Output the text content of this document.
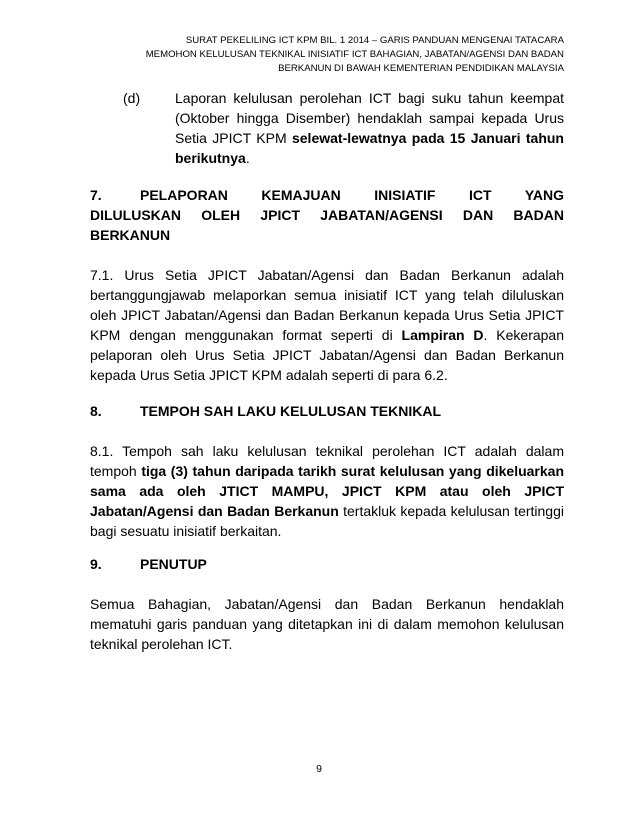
SURAT PEKELILING ICT KPM BIL. 1 2014 – GARIS PANDUAN MENGENAI TATACARA
MEMOHON KELULUSAN TEKNIKAL INISIATIF ICT BAHAGIAN, JABATAN/AGENSI DAN BADAN
BERKANUN DI BAWAH KEMENTERIAN PENDIDIKAN MALAYSIA
(d) Laporan kelulusan perolehan ICT bagi suku tahun keempat (Oktober hingga Disember) hendaklah sampai kepada Urus Setia JPICT KPM selewat-lewatnya pada 15 Januari tahun berikutnya.
7.	PELAPORAN KEMAJUAN INISIATIF ICT YANG
DILULUSKAN OLEH JPICT JABATAN/AGENSI DAN BADAN
BERKANUN
7.1. Urus Setia JPICT Jabatan/Agensi dan Badan Berkanun adalah bertanggungjawab melaporkan semua inisiatif ICT yang telah diluluskan oleh JPICT Jabatan/Agensi dan Badan Berkanun kepada Urus Setia JPICT KPM dengan menggunakan format seperti di Lampiran D. Kekerapan pelaporan oleh Urus Setia JPICT Jabatan/Agensi dan Badan Berkanun kepada Urus Setia JPICT KPM adalah seperti di para 6.2.
8.	TEMPOH SAH LAKU KELULUSAN TEKNIKAL
8.1. Tempoh sah laku kelulusan teknikal perolehan ICT adalah dalam tempoh tiga (3) tahun daripada tarikh surat kelulusan yang dikeluarkan sama ada oleh JTICT MAMPU, JPICT KPM atau oleh JPICT Jabatan/Agensi dan Badan Berkanun tertakluk kepada kelulusan tertinggi bagi sesuatu inisiatif berkaitan.
9.	PENUTUP
Semua Bahagian, Jabatan/Agensi dan Badan Berkanun hendaklah mematuhi garis panduan yang ditetapkan ini di dalam memohon kelulusan teknikal perolehan ICT.
9
